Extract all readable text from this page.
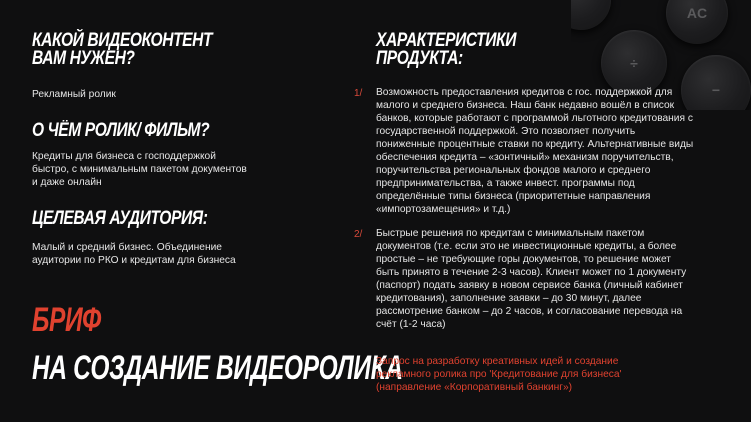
AC
÷
−
КАКОЙ ВИДЕОКОНТЕНТ
ВАМ НУЖЕН?
Рекламный ролик
О ЧЁМ РОЛИК/ ФИЛЬМ?
Кредиты для бизнеса с господдержкой быстро, с минимальным пакетом документов и даже онлайн
ЦЕЛЕВАЯ АУДИТОРИЯ:
Малый и средний бизнес. Объединение аудитории по РКО и кредитам для бизнеса
БРИФ
НА СОЗДАНИЕ ВИДЕОРОЛИКА
ХАРАКТЕРИСТИКИ
ПРОДУКТА:
1/ Возможность предоставления кредитов с гос. поддержкой для малого и среднего бизнеса. Наш банк недавно вошёл в список банков, которые работают с программой льготного кредитования с государственной поддержкой. Это позволяет получить пониженные процентные ставки по кредиту. Альтернативные виды обеспечения кредита – «зонтичный» механизм поручительств, поручительства региональных фондов малого и среднего предпринимательства, а также инвест. программы под определённые типы бизнеса (приоритетные направления «импортозамещения» и т.д.)
2/ Быстрые решения по кредитам с минимальным пакетом документов (т.е. если это не инвестиционные кредиты, а более простые – не требующие горы документов, то решение может быть принято в течение 2-3 часов). Клиент может по 1 документу (паспорт) подать заявку в новом сервисе банка (личный кабинет кредитования), заполнение заявки – до 30 минут, далее рассмотрение банком – до 2 часов, и согласование перевода на счёт (1-2 часа)
Запрос на разработку креативных идей и создание рекламного ролика про 'Кредитование для бизнеса' (направление «Корпоративный банкинг»)
